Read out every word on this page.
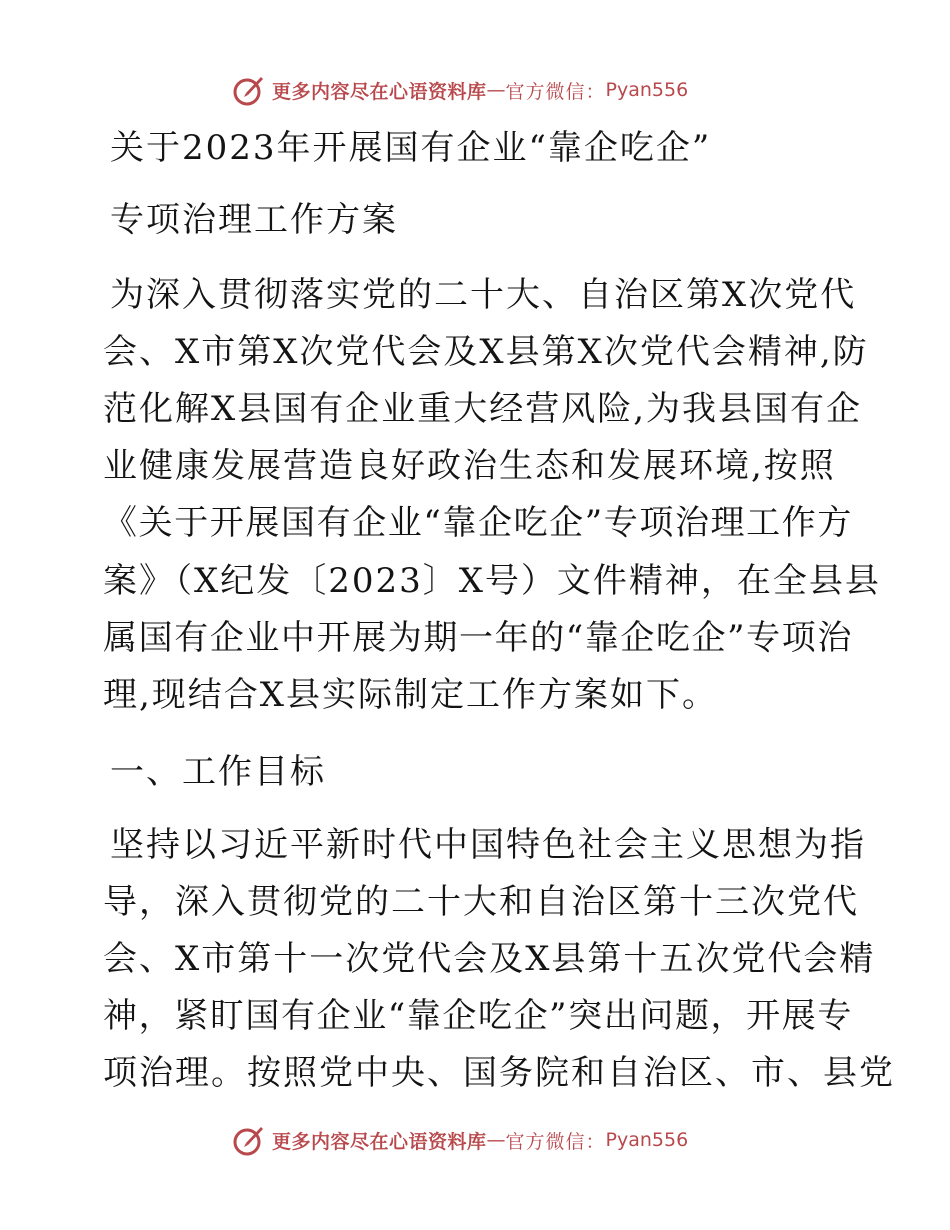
更多内容尽在心语资料库 — 官方微信： Pyan556
关于2023年开展国有企业“靠企吃企”
专项治理工作方案
为深入贯彻落实党的二十大、自治区第X次党代
会、X市第X次党代会及X县第X次党代会精神,防
范化解X县国有企业重大经营风险,为我县国有企
业健康发展营造良好政治生态和发展环境,按照
《关于开展国有企业“靠企吃企”专项治理工作方
案》（X纪发〔2023〕X号）文件精神，在全县县
属国有企业中开展为期一年的“靠企吃企”专项治
理,现结合X县实际制定工作方案如下。
一、工作目标
坚持以习近平新时代中国特色社会主义思想为指
导，深入贯彻党的二十大和自治区第十三次党代
会、X市第十一次党代会及X县第十五次党代会精
神，紧盯国有企业“靠企吃企”突出问题，开展专
项治理。按照党中央、国务院和自治区、市、县党
更多内容尽在心语资料库 — 官方微信： Pyan556
